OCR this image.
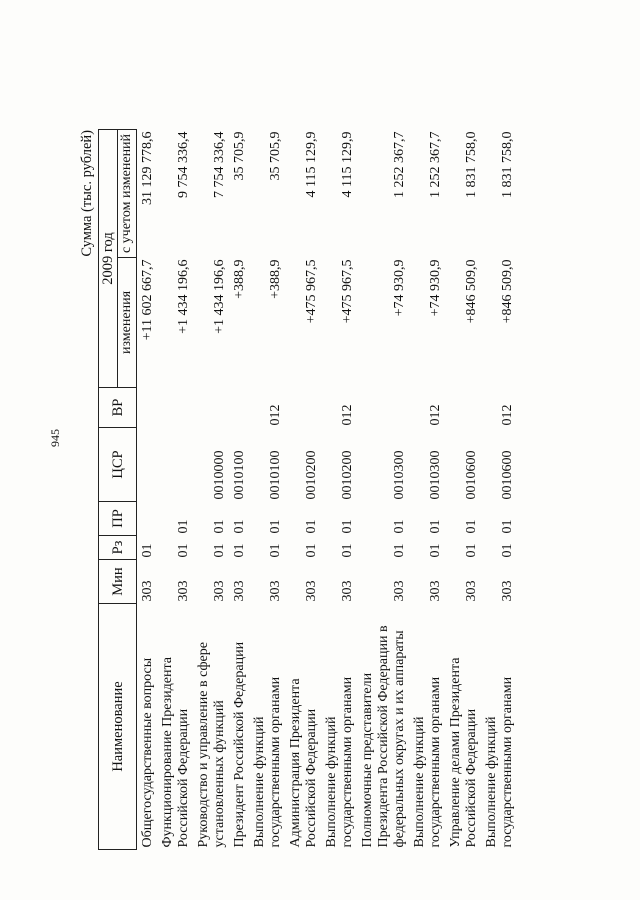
945
Сумма (тыс. рублей)
Наименование	Мин	Рз	ПР	ЦСР	ВР	2009 год	
						изменения	с учетом изменений
Общегосударственные вопросы	303	01				+11 602 667,7	31 129 778,6
Функционирование Президента Российской Федерации	303	01	01			+1 434 196,6	9 754 336,4
Руководство и управление в сфере установленных функций	303	01	01	0010000		+1 434 196,6	7 754 336,4
Президент Российской Федерации	303	01	01	0010100		+388,9	35 705,9
Выполнение функций государственными органами	303	01	01	0010100	012	+388,9	35 705,9
Администрация Президента Российской Федерации	303	01	01	0010200		+475 967,5	4 115 129,9
Выполнение функций государственными органами	303	01	01	0010200	012	+475 967,5	4 115 129,9
Полномочные представители Президента Российской Федерации в федеральных округах и их аппараты	303	01	01	0010300		+74 930,9	1 252 367,7
Выполнение функций государственными органами	303	01	01	0010300	012	+74 930,9	1 252 367,7
Управление делами Президента Российской Федерации	303	01	01	0010600		+846 509,0	1 831 758,0
Выполнение функций государственными органами	303	01	01	0010600	012	+846 509,0	1 831 758,0
